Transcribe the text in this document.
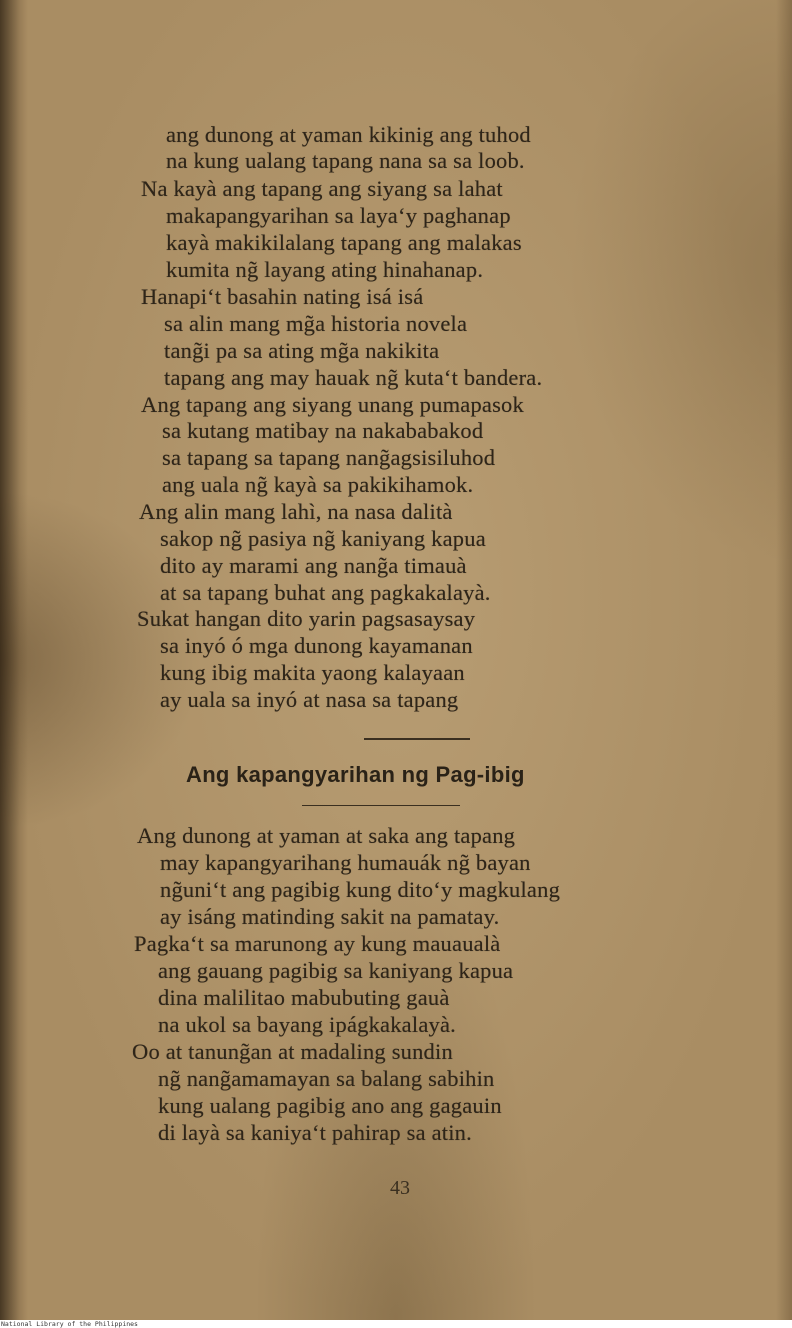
ang dunong at yaman kikinig ang tuhod
na kung ualang tapang nana sa sa loob.
Na kayà ang tapang ang siyang sa lahat
makapangyarihan sa laya‘y paghanap
kayà makikilalang tapang ang malakas
kumita ng̃ layang ating hinahanap.
Hanapi‘t basahin nating isá isá
sa alin mang mg̃a historia novela
tang̃i pa sa ating mg̃a nakikita
tapang ang may hauak ng̃ kuta‘t bandera.
Ang tapang ang siyang unang pumapasok
sa kutang matibay na nakababakod
sa tapang sa tapang nang̃agsisiluhod
ang uala ng̃ kayà sa pakikihamok.
Ang alin mang lahì, na nasa dalità
sakop ng̃ pasiya ng̃ kaniyang kapua
dito ay marami ang nang̃a timauà
at sa tapang buhat ang pagkakalayà.
Sukat hangan dito yarin pagsasaysay
sa inyó ó mga dunong kayamanan
kung ibig makita yaong kalayaan
ay uala sa inyó at nasa sa tapang
Ang kapangyarihan ng Pag-ibig
Ang dunong at yaman at saka ang tapang
may kapangyarihang humauák ng̃ bayan
ng̃uni‘t ang pagibig kung dito‘y magkulang
ay isáng matinding sakit na pamatay.
Pagka‘t sa marunong ay kung mauaualà
ang gauang pagibig sa kaniyang kapua
dina malilitao mabubuting gauà
na ukol sa bayang ipágkakalayà.
Oo at tanung̃an at madaling sundin
ng̃ nang̃amamayan sa balang sabihin
kung ualang pagibig ano ang gagauin
di layà sa kaniya‘t pahirap sa atin.
43
National Library of the Philippines
